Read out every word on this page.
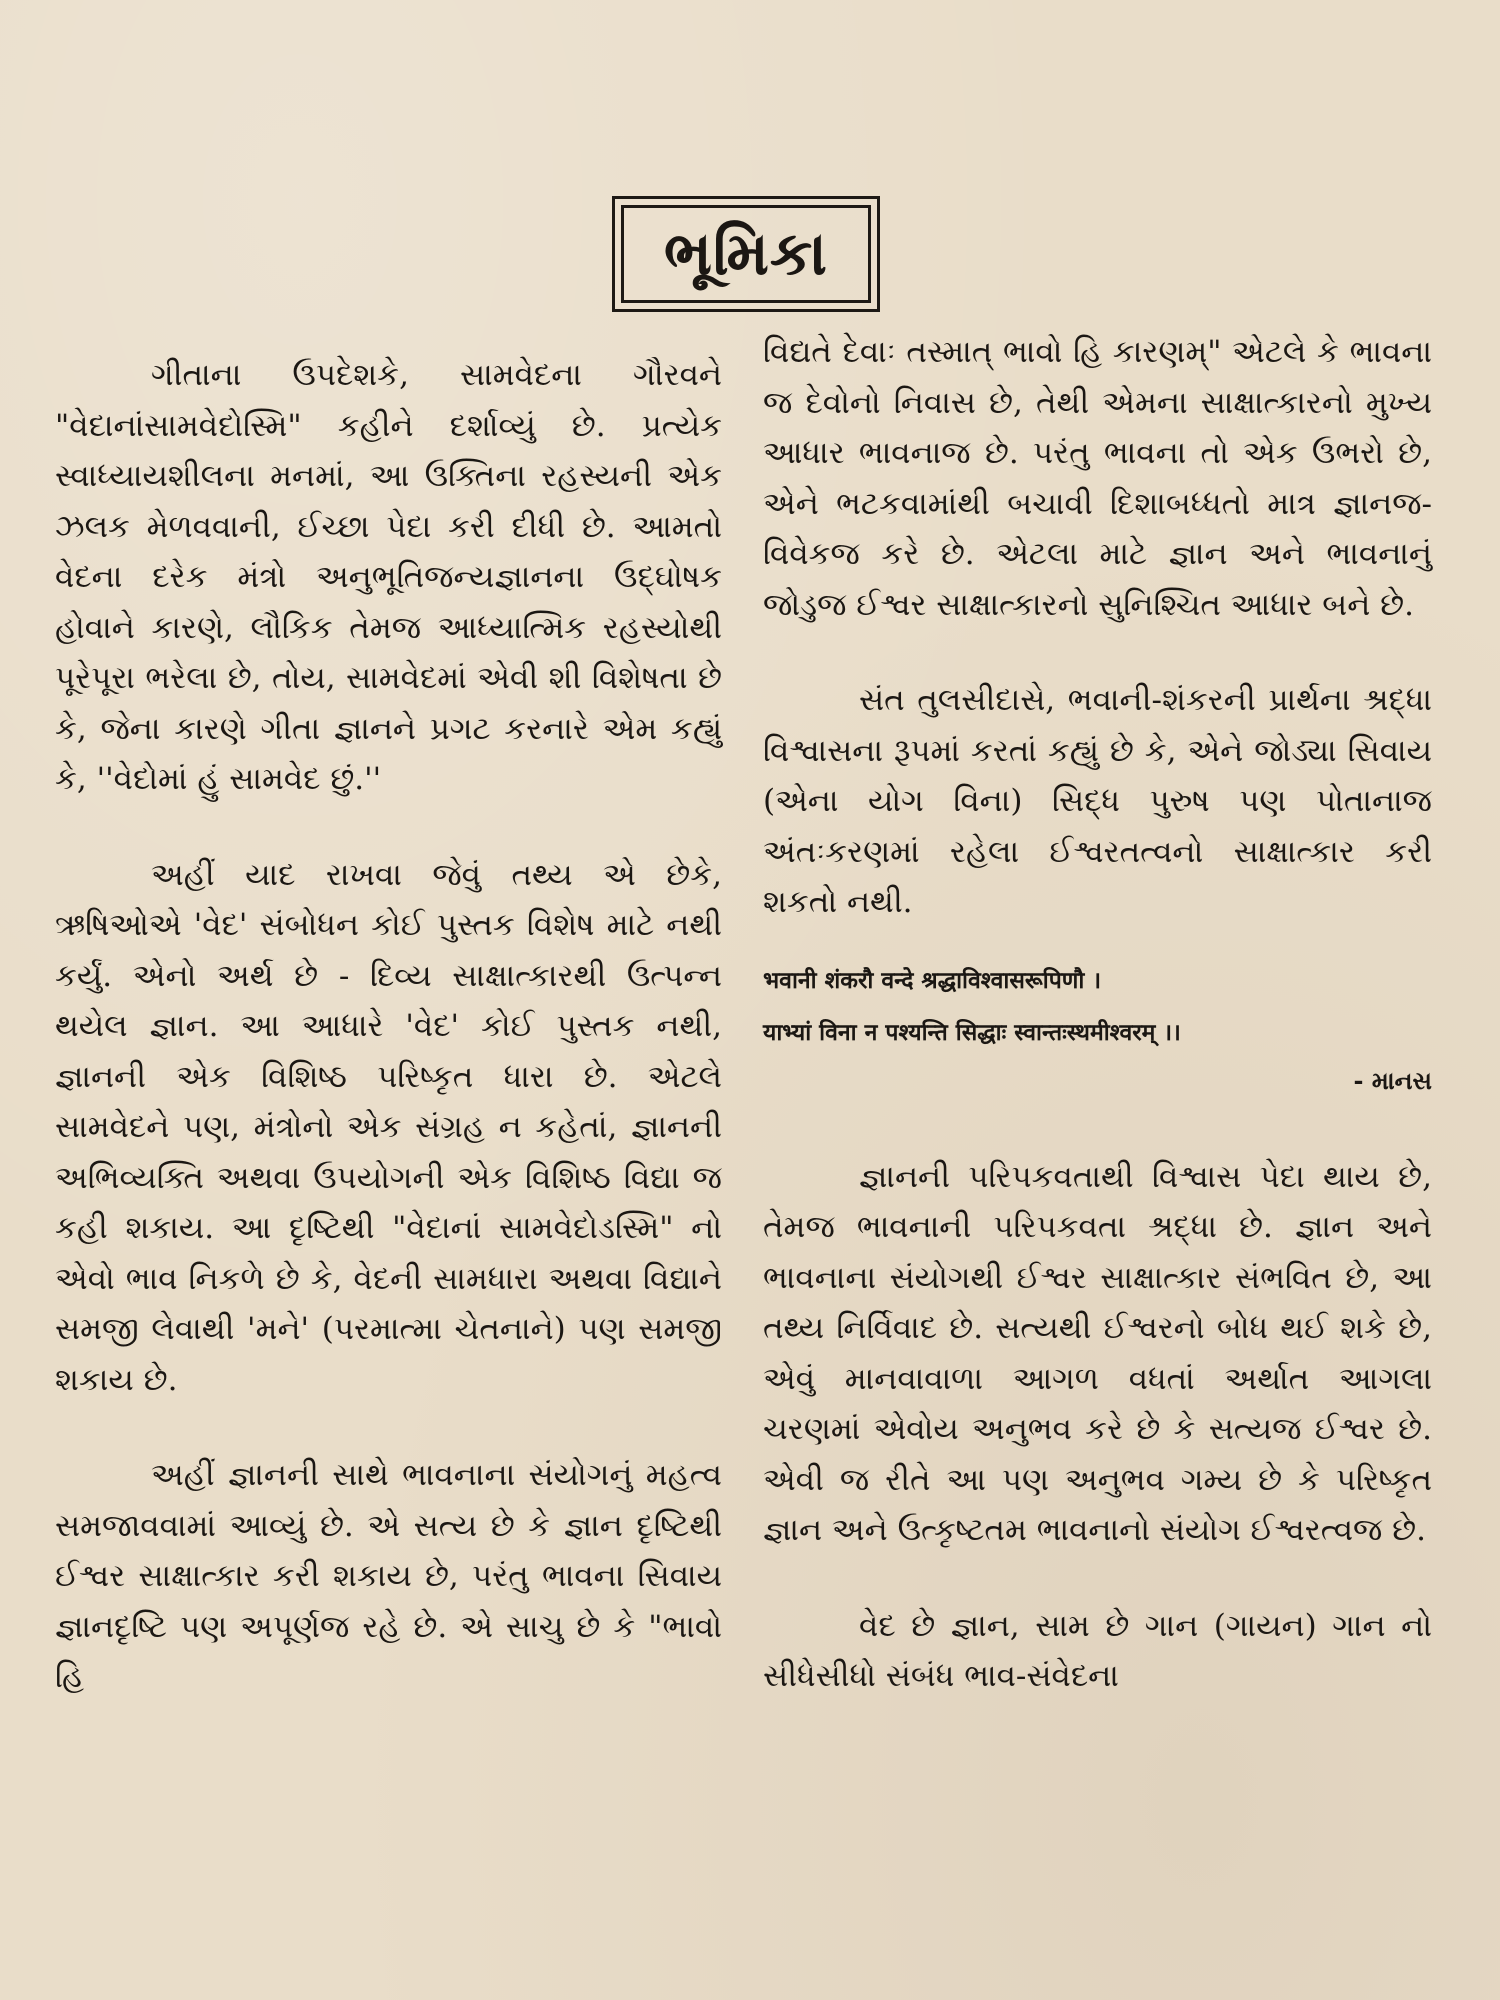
ભૂમિકા

ગીતાના ઉપદેશકે, સામવેદના ગૌરવને "વેદાનાંસામવેદોસ્મિ" કહીને દર્શાવ્યું છે. પ્રત્યેક સ્વાધ્યાયશીલના મનમાં, આ ઉક્તિના રહસ્યની એક ઝલક મેળવવાની, ઈચ્છા પેદા કરી દીધી છે. આમતો વેદના દરેક મંત્રો અનુભૂતિજન્યજ્ઞાનના ઉદ્ઘોષક હોવાને કારણે, લૌકિક તેમજ આધ્યાત્મિક રહસ્યોથી પૂરેપૂરા ભરેલા છે, તોય, સામવેદમાં એવી શી વિશેષતા છે કે, જેના કારણે ગીતા જ્ઞાનને પ્રગટ કરનારે એમ કહ્યું કે, ''વેદોમાં હું સામવેદ છું.''

અહીં યાદ રાખવા જેવું તથ્ય એ છેકે, ઋષિઓએ 'વેદ' સંબોધન કોઈ પુસ્તક વિશેષ માટે નથી કર્યું. એનો અર્થ છે - દિવ્ય સાક્ષાત્કારથી ઉત્પન્ન થયેલ જ્ઞાન. આ આધારે 'વેદ' કોઈ પુસ્તક નથી, જ્ઞાનની એક વિશિષ્ઠ પરિષ્કૃત ધારા છે. એટલે સામવેદને પણ, મંત્રોનો એક સંગ્રહ ન કહેતાં, જ્ઞાનની અભિવ્યક્તિ અથવા ઉપયોગની એક વિશિષ્ઠ વિદ્યા જ કહી શકાય. આ દૃષ્ટિથી "વેદાનાં સામવેદોડસ્મિ" નો એવો ભાવ નિકળે છે કે, વેદની સામધારા અથવા વિદ્યાને સમજી લેવાથી 'મને' (પરમાત્મા ચેતનાને) પણ સમજી શકાય છે.

અહીં જ્ઞાનની સાથે ભાવનાના સંયોગનું મહત્વ સમજાવવામાં આવ્યું છે. એ સત્ય છે કે જ્ઞાન દૃષ્ટિથી ઈશ્વર સાક્ષાત્કાર કરી શકાય છે, પરંતુ ભાવના સિવાય જ્ઞાનદૃષ્ટિ પણ અપૂર્ણજ રહે છે. એ સાચુ છે કે "ભાવો હિ

વિદ્યતે દેવાઃ તસ્માત્ ભાવો હિ કારણમ્" એટલે કે ભાવના જ દેવોનો નિવાસ છે, તેથી એમના સાક્ષાત્કારનો મુખ્ય આધાર ભાવનાજ છે. પરંતુ ભાવના તો એક ઉભરો છે, એને ભટકવામાંથી બચાવી દિશાબધ્ધતો માત્ર જ્ઞાનજ-વિવેકજ કરે છે. એટલા માટે જ્ઞાન અને ભાવનાનું જોડુજ ઈશ્વર સાક્ષાત્કારનો સુનિશ્ચિત આધાર બને છે.

સંત તુલસીદાસે, ભવાની-શંકરની પ્રાર્થના શ્રદ્ધા વિશ્વાસના રૂપમાં કરતાં કહ્યું છે કે, એને જોડ્યા સિવાય (એના યોગ વિના) સિદ્ધ પુરુષ પણ પોતાનાજ અંતઃકરણમાં રહેલા ઈશ્વરતત્વનો સાક્ષાત્કાર કરી શકતો નથી.

भवानी शंकरौ वन्दे श्रद्धाविश्वासरूपिणौ ।
याभ्यां विना न पश्यन्ति सिद्धाः स्वान्तःस्थमीश्वरम् ।।
- માનસ

જ્ઞાનની પરિપકવતાથી વિશ્વાસ પેદા થાય છે, તેમજ ભાવનાની પરિપકવતા શ્રદ્ધા છે. જ્ઞાન અને ભાવનાના સંયોગથી ઈશ્વર સાક્ષાત્કાર સંભવિત છે, આ તથ્ય નિર્વિવાદ છે. સત્યથી ઈશ્વરનો બોધ થઈ શકે છે, એવું માનવાવાળા આગળ વધતાં અર્થાત આગલા ચરણમાં એવોય અનુભવ કરે છે કે સત્યજ ઈશ્વર છે. એવી જ રીતે આ પણ અનુભવ ગમ્ય છે કે પરિષ્કૃત જ્ઞાન અને ઉત્કૃષ્ટતમ ભાવનાનો સંયોગ ઈશ્વરત્વજ છે.

વેદ છે જ્ઞાન, સામ છે ગાન (ગાયન) ગાન નો સીધેસીધો સંબંધ ભાવ-સંવેદના
